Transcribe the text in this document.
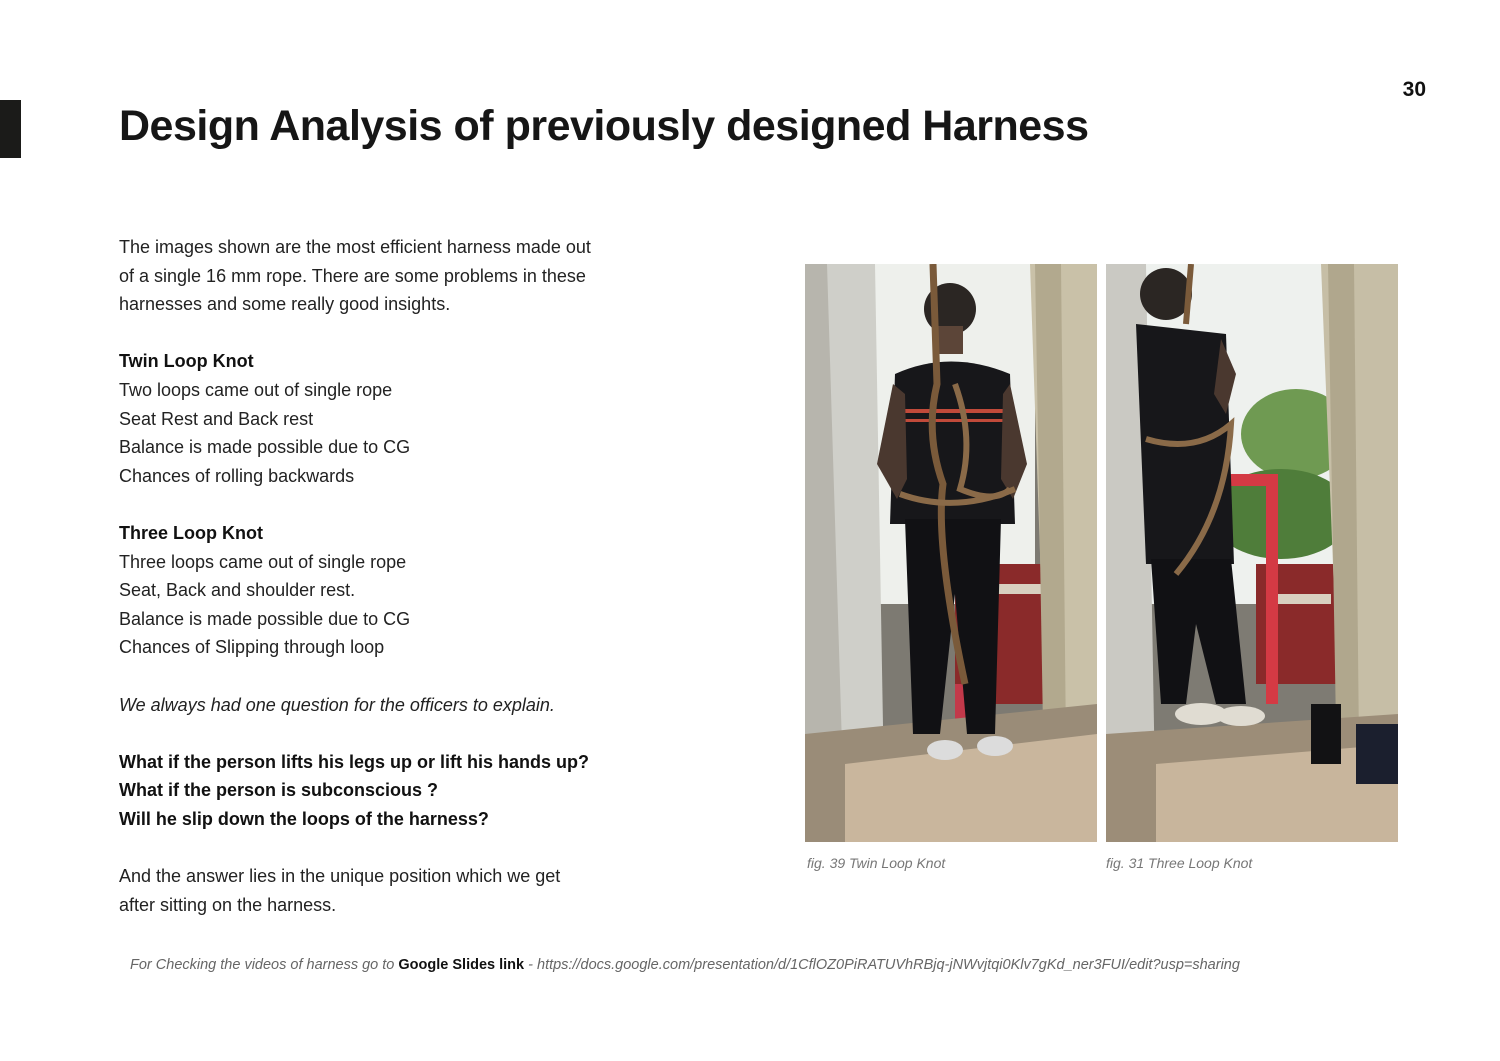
30
Design Analysis of previously designed Harness

The images shown are the most efficient harness made out
of a single 16 mm rope. There are some problems in these
harnesses and some really good insights.

Twin Loop Knot
Two loops came out of single rope
Seat Rest and Back rest
Balance is made possible due to CG
Chances of rolling backwards

Three Loop Knot
Three loops came out of single rope
Seat, Back and shoulder rest.
Balance is made possible due to CG
Chances of Slipping through loop

We always had one question for the officers to explain.

What if the person lifts his legs up or lift his hands up?
What if the person is subconscious ?
Will he slip down the loops of the harness?

And the answer lies in the unique position which we get
after sitting on the harness.

fig. 39 Twin Loop Knot	fig. 31 Three Loop Knot
For Checking the videos of harness go to Google Slides link - https://docs.google.com/presentation/d/1CflOZ0PiRATUVhRBjq-jNWvjtqi0Klv7gKd_ner3FUI/edit?usp=sharing
